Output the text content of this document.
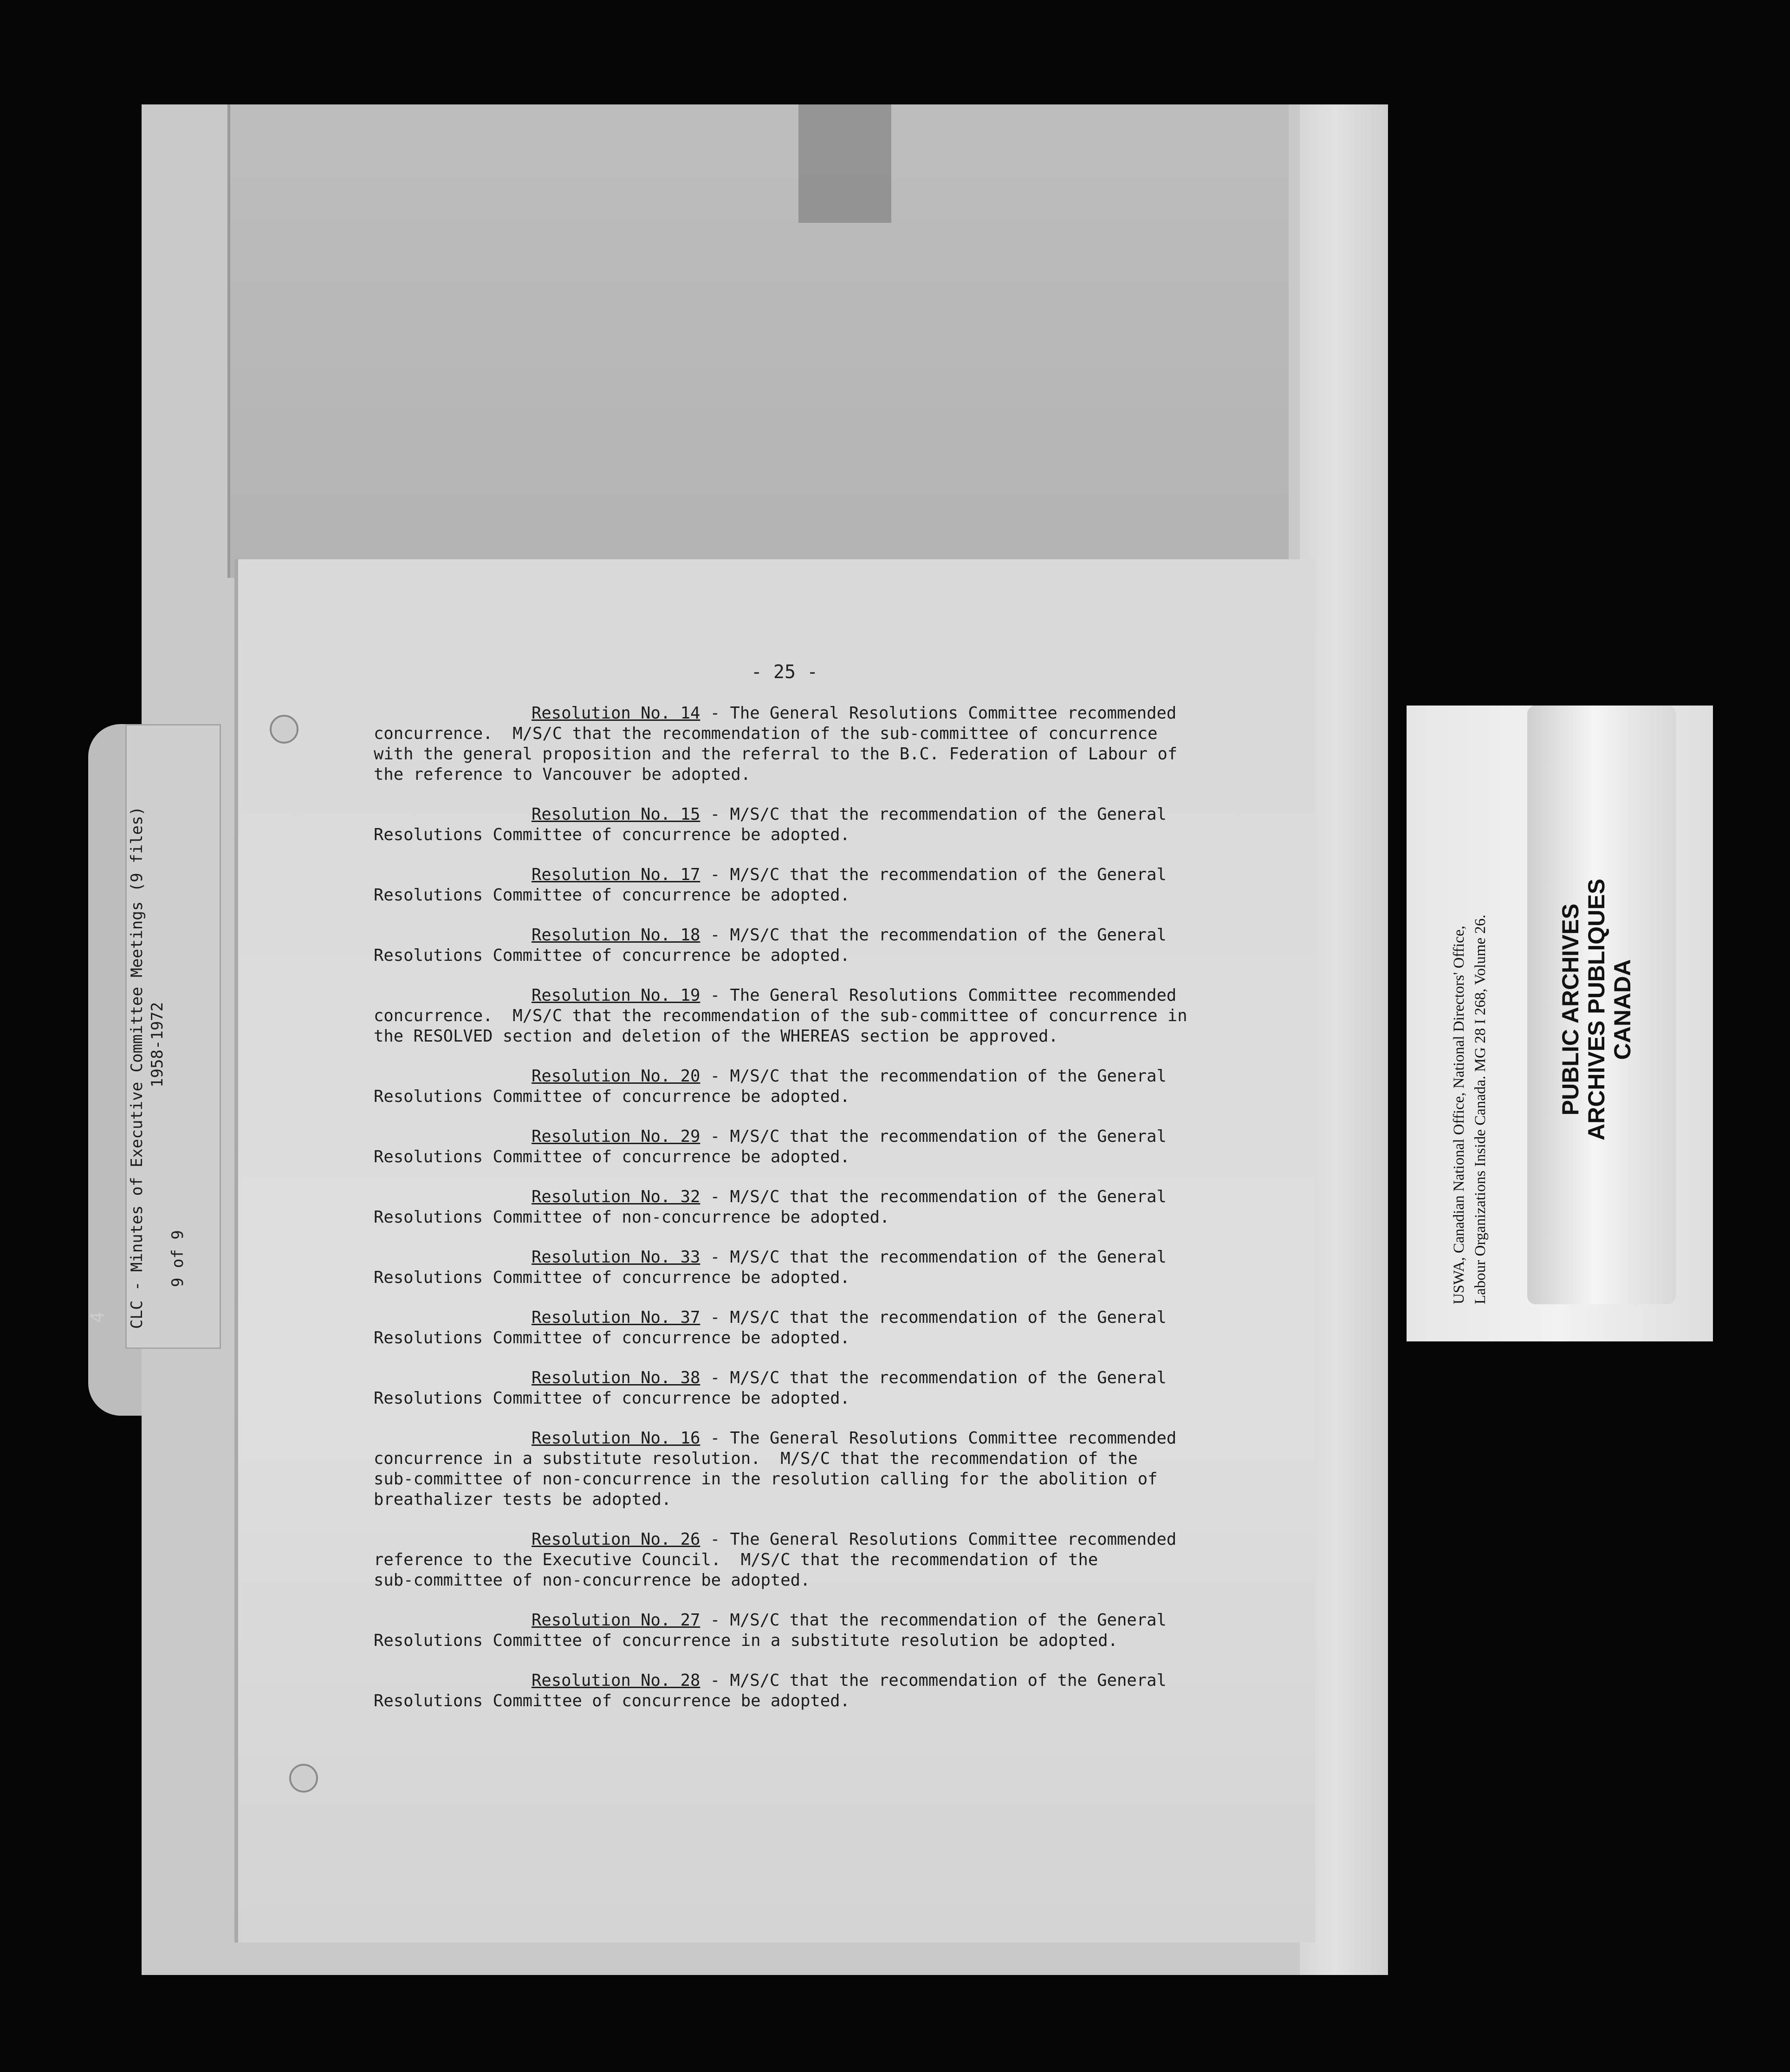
CLC - Minutes of Executive Committee Meetings (9 files) 1958-1972
9 of 9
4
- 25 -
Resolution No. 14 - The General Resolutions Committee recommended
concurrence.  M/S/C that the recommendation of the sub-committee of concurrence
with the general proposition and the referral to the B.C. Federation of Labour of
the reference to Vancouver be adopted.
Resolution No. 15 - M/S/C that the recommendation of the General
Resolutions Committee of concurrence be adopted.
Resolution No. 17 - M/S/C that the recommendation of the General
Resolutions Committee of concurrence be adopted.
Resolution No. 18 - M/S/C that the recommendation of the General
Resolutions Committee of concurrence be adopted.
Resolution No. 19 - The General Resolutions Committee recommended
concurrence.  M/S/C that the recommendation of the sub-committee of concurrence in
the RESOLVED section and deletion of the WHEREAS section be approved.
Resolution No. 20 - M/S/C that the recommendation of the General
Resolutions Committee of concurrence be adopted.
Resolution No. 29 - M/S/C that the recommendation of the General
Resolutions Committee of concurrence be adopted.
Resolution No. 32 - M/S/C that the recommendation of the General
Resolutions Committee of non-concurrence be adopted.
Resolution No. 33 - M/S/C that the recommendation of the General
Resolutions Committee of concurrence be adopted.
Resolution No. 37 - M/S/C that the recommendation of the General
Resolutions Committee of concurrence be adopted.
Resolution No. 38 - M/S/C that the recommendation of the General
Resolutions Committee of concurrence be adopted.
Resolution No. 16 - The General Resolutions Committee recommended
concurrence in a substitute resolution.  M/S/C that the recommendation of the
sub-committee of non-concurrence in the resolution calling for the abolition of
breathalizer tests be adopted.
Resolution No. 26 - The General Resolutions Committee recommended
reference to the Executive Council.  M/S/C that the recommendation of the
sub-committee of non-concurrence be adopted.
Resolution No. 27 - M/S/C that the recommendation of the General
Resolutions Committee of concurrence in a substitute resolution be adopted.
Resolution No. 28 - M/S/C that the recommendation of the General
Resolutions Committee of concurrence be adopted.
USWA, Canadian National Office, National Directors' Office, Labour Organizations Inside Canada. MG 28 I 268, Volume 26.	PUBLIC ARCHIVES ARCHIVES PUBLIQUES CANADA
